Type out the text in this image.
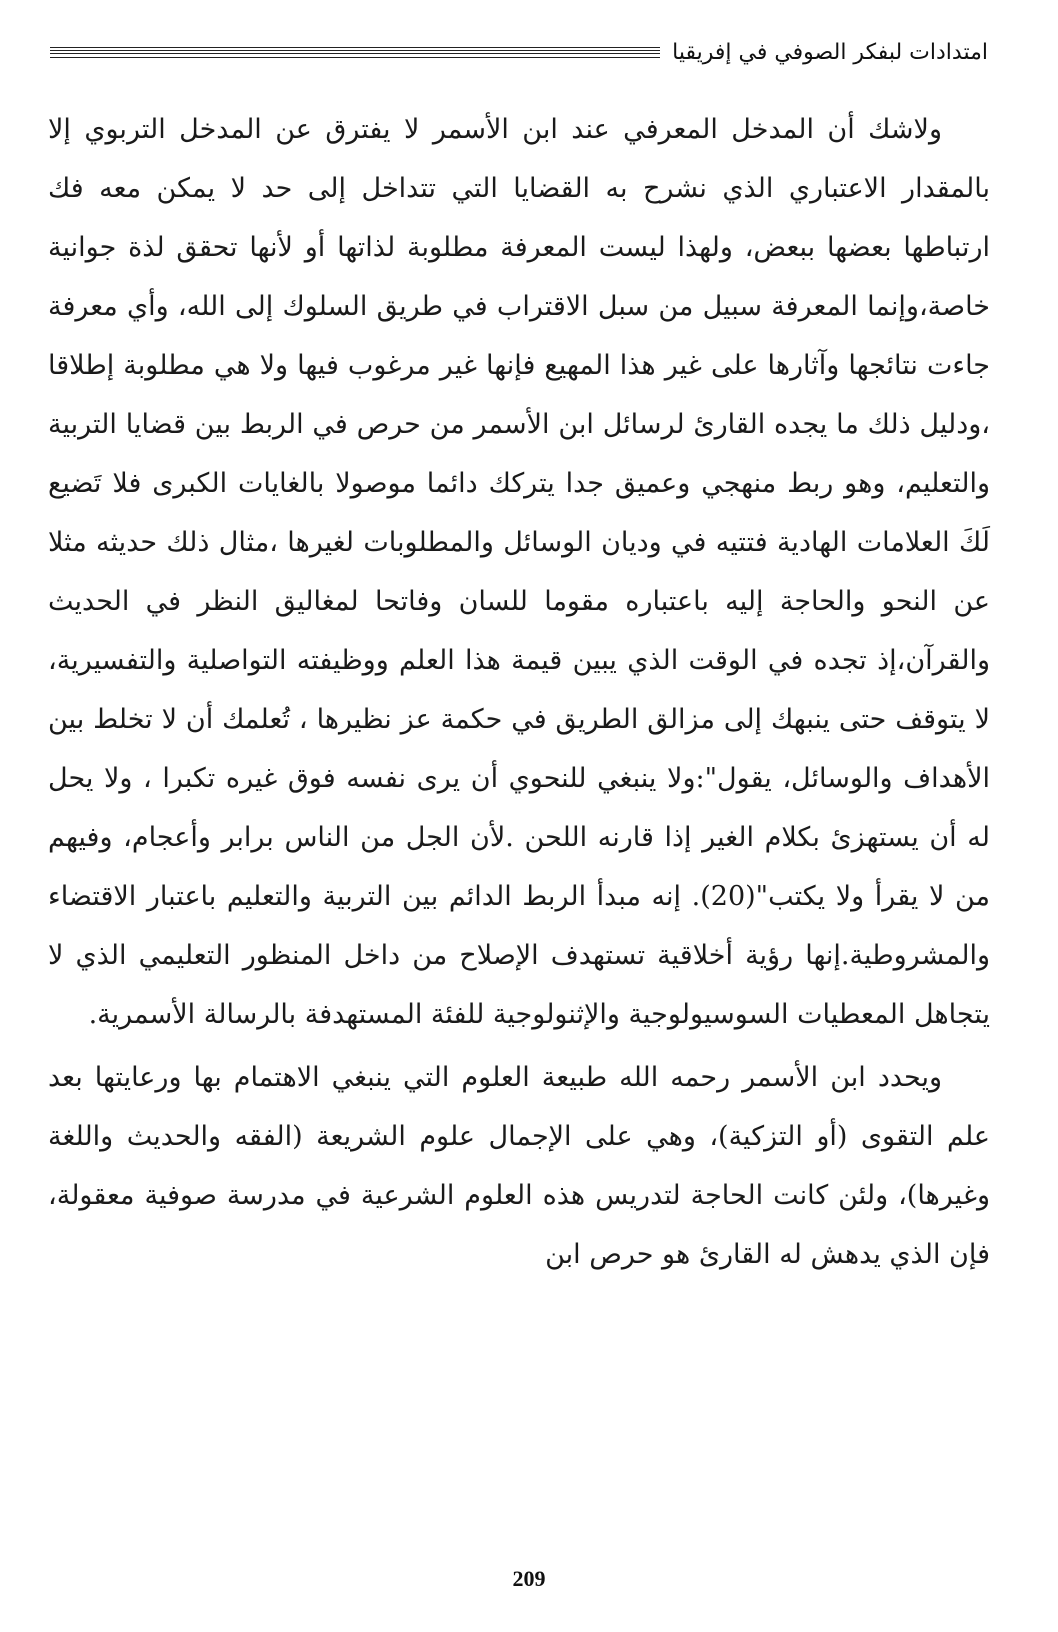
امتدادات لبفكر الصوفي في إفريقيا

ولاشك أن المدخل المعرفي عند ابن الأسمر لا يفترق عن المدخل التربوي إلا بالمقدار الاعتباري الذي نشرح به القضايا التي تتداخل إلى حد لا يمكن معه فك ارتباطها بعضها ببعض، ولهذا ليست المعرفة مطلوبة لذاتها أو لأنها تحقق لذة جوانية خاصة،وإنما المعرفة سبيل من سبل الاقتراب في طريق السلوك إلى الله، وأي معرفة جاءت نتائجها وآثارها على غير هذا المهيع فإنها غير مرغوب فيها ولا هي مطلوبة إطلاقا ،ودليل ذلك ما يجده القارئ لرسائل ابن الأسمر من حرص في الربط بين قضايا التربية والتعليم، وهو ربط منهجي وعميق جدا يتركك دائما موصولا بالغايات الكبرى فلا تَضيع لَكَ العلامات الهادية فتتيه في وديان الوسائل والمطلوبات لغيرها ،مثال ذلك حديثه مثلا عن النحو والحاجة إليه باعتباره مقوما للسان وفاتحا لمغاليق النظر في الحديث والقرآن،إذ تجده في الوقت الذي يبين قيمة هذا العلم ووظيفته التواصلية والتفسيرية، لا يتوقف حتى ينبهك إلى مزالق الطريق في حكمة عز نظيرها ، تُعلمك أن لا تخلط بين الأهداف والوسائل، يقول":ولا ينبغي للنحوي أن يرى نفسه فوق غيره تكبرا ، ولا يحل له أن يستهزئ بكلام الغير إذا قارنه اللحن .لأن الجل من الناس برابر وأعجام، وفيهم من لا يقرأ ولا يكتب"(20). إنه مبدأ الربط الدائم بين التربية والتعليم باعتبار الاقتضاء والمشروطية.إنها رؤية أخلاقية تستهدف الإصلاح من داخل المنظور التعليمي الذي لا يتجاهل المعطيات السوسيولوجية والإثنولوجية للفئة المستهدفة بالرسالة الأسمرية.

ويحدد ابن الأسمر رحمه الله طبيعة العلوم التي ينبغي الاهتمام بها ورعايتها بعد علم التقوى (أو التزكية)، وهي على الإجمال علوم الشريعة (الفقه والحديث واللغة وغيرها)، ولئن كانت الحاجة لتدريس هذه العلوم الشرعية في مدرسة صوفية معقولة، فإن الذي يدهش له القارئ هو حرص ابن

209
